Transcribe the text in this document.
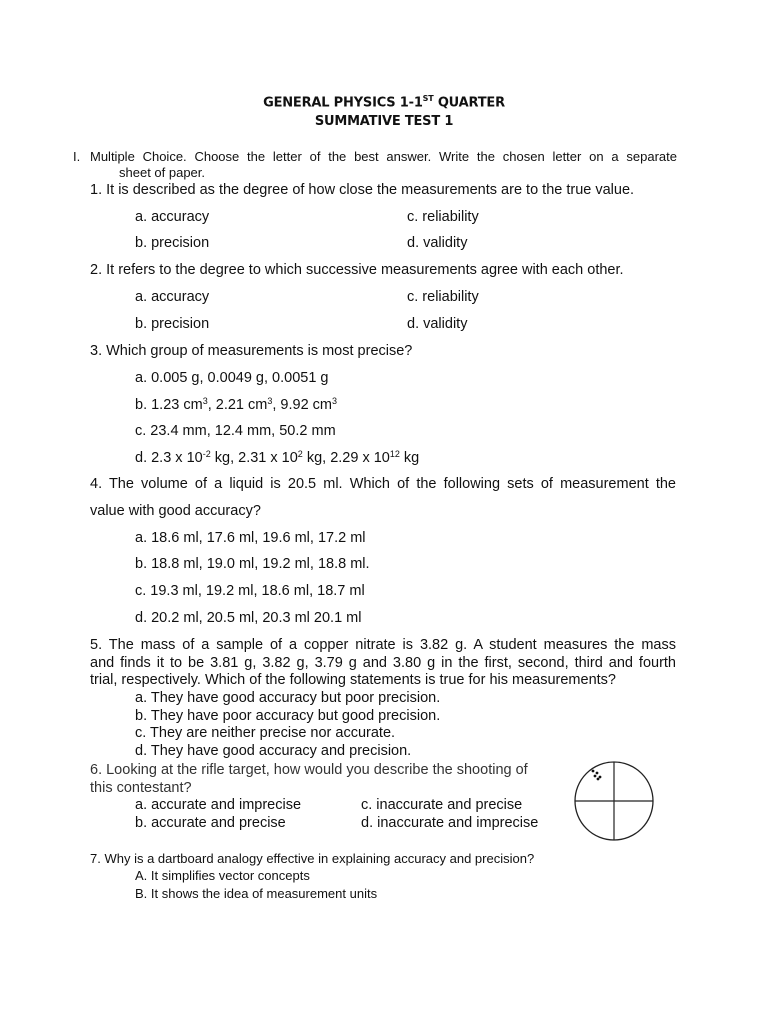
GENERAL PHYSICS 1-1ST QUARTER
SUMMATIVE TEST 1
I. Multiple Choice. Choose the letter of the best answer. Write the chosen letter on a separate
sheet of paper.
1. It is described as the degree of how close the measurements are to the true value.
a. accuracy	c. reliability
b. precision	d. validity
2. It refers to the degree to which successive measurements agree with each other.
a. accuracy	c. reliability
b. precision	d. validity
3. Which group of measurements is most precise?
a. 0.005 g, 0.0049 g, 0.0051 g
b. 1.23 $cm^3$, 2.21 $cm^3$, 9.92 $cm^3$
c. 23.4 mm, 12.4 mm, 50.2 mm
d. 2.3 x $10^{-2}$ kg, 2.31 x $10^2$ kg, 2.29 x $10^{12}$ kg
4. The volume of a liquid is 20.5 ml. Which of the following sets of measurement the
value with good accuracy?
a. 18.6 ml, 17.6 ml, 19.6 ml, 17.2 ml
b. 18.8 ml, 19.0 ml, 19.2 ml, 18.8 ml.
c. 19.3 ml, 19.2 ml, 18.6 ml, 18.7 ml
d. 20.2 ml, 20.5 ml, 20.3 ml 20.1 ml
5. The mass of a sample of a copper nitrate is 3.82 g. A student measures the mass
and finds it to be 3.81 g, 3.82 g, 3.79 g and 3.80 g in the first, second, third and fourth
trial, respectively. Which of the following statements is true for his measurements?
a. They have good accuracy but poor precision.
b. They have poor accuracy but good precision.
c. They are neither precise nor accurate.
d. They have good accuracy and precision.
6. Looking at the rifle target, how would you describe the shooting of
this contestant?
a. accurate and imprecise	c. inaccurate and precise
b. accurate and precise	d. inaccurate and imprecise
7. Why is a dartboard analogy effective in explaining accuracy and precision?
A. It simplifies vector concepts
B. It shows the idea of measurement units
